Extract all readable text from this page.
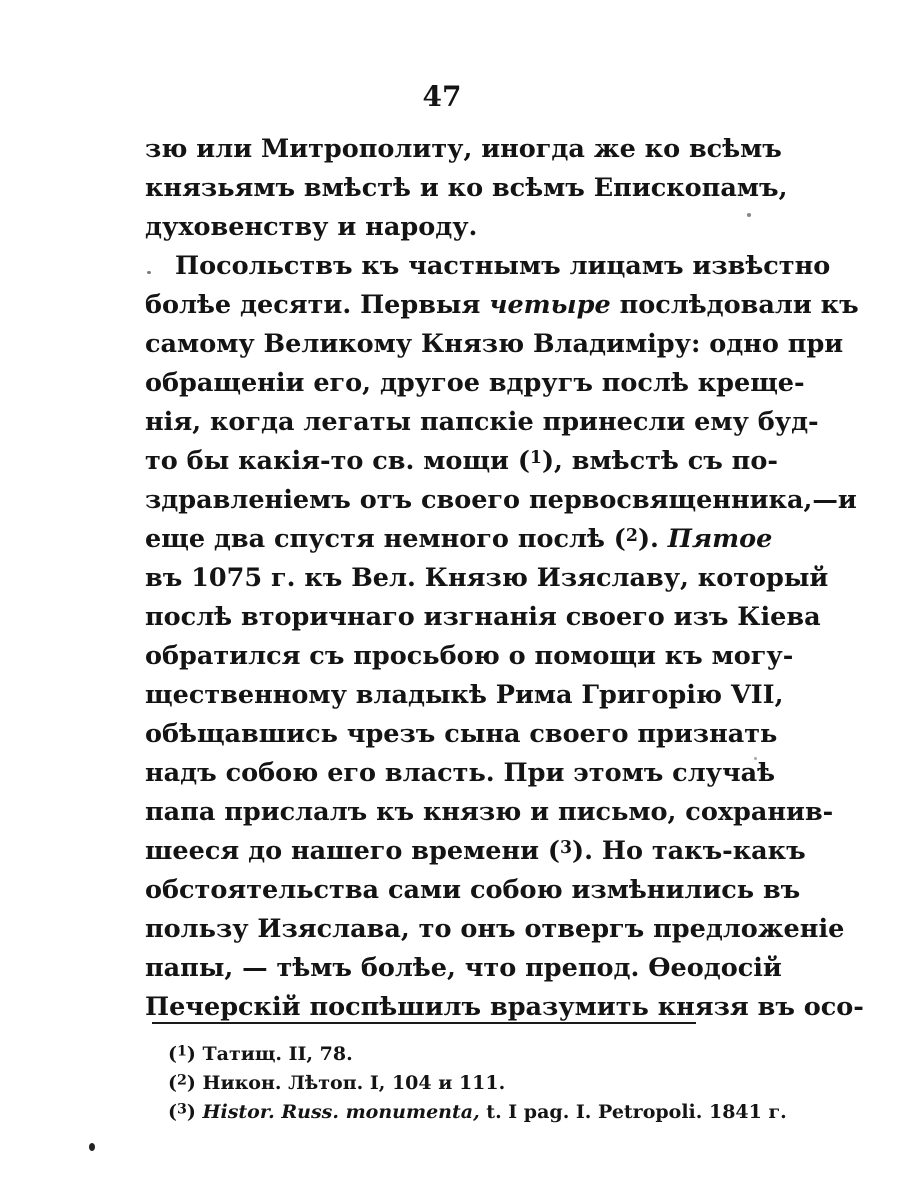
47
зю или Митрополиту, иногда же ко всѣмъ
князьямъ вмѣстѣ и ко всѣмъ Епископамъ,
духовенству и народу.
Посольствъ къ частнымъ лицамъ извѣстно
болѣе десяти. Первыя четыре послѣдовали къ
самому Великому Князю Владиміру: одно при
обращеніи его, другое вдругъ послѣ креще-
нія, когда легаты папскіе принесли ему буд-
то бы какія-то св. мощи ($^1$), вмѣстѣ съ по-
здравленіемъ отъ своего первосвященника,—и
еще два спустя немного послѣ ($^2$). Пятое
въ 1075 г. къ Вел. Князю Изяславу, который
послѣ вторичнаго изгнанія своего изъ Кіева
обратился съ просьбою о помощи къ могу-
щественному владыкѣ Рима Григорію VII,
обѣщавшись чрезъ сына своего признать
надъ собою его власть. При этомъ случаѣ
папа прислалъ къ князю и письмо, сохранив-
шееся до нашего времени ($^3$). Но такъ-какъ
обстоятельства сами собою измѣнились въ
пользу Изяслава, то онъ отвергъ предложеніе
папы, — тѣмъ болѣе, что препод. Ѳеодосій
Печерскій поспѣшилъ вразумить князя въ осо-
($^1$) Татищ. II, 78.
($^2$) Никон. Лѣтоп. I, 104 и 111.
($^3$) Histor. Russ. monumenta, t. I pag. I. Petropoli. 1841 г.
